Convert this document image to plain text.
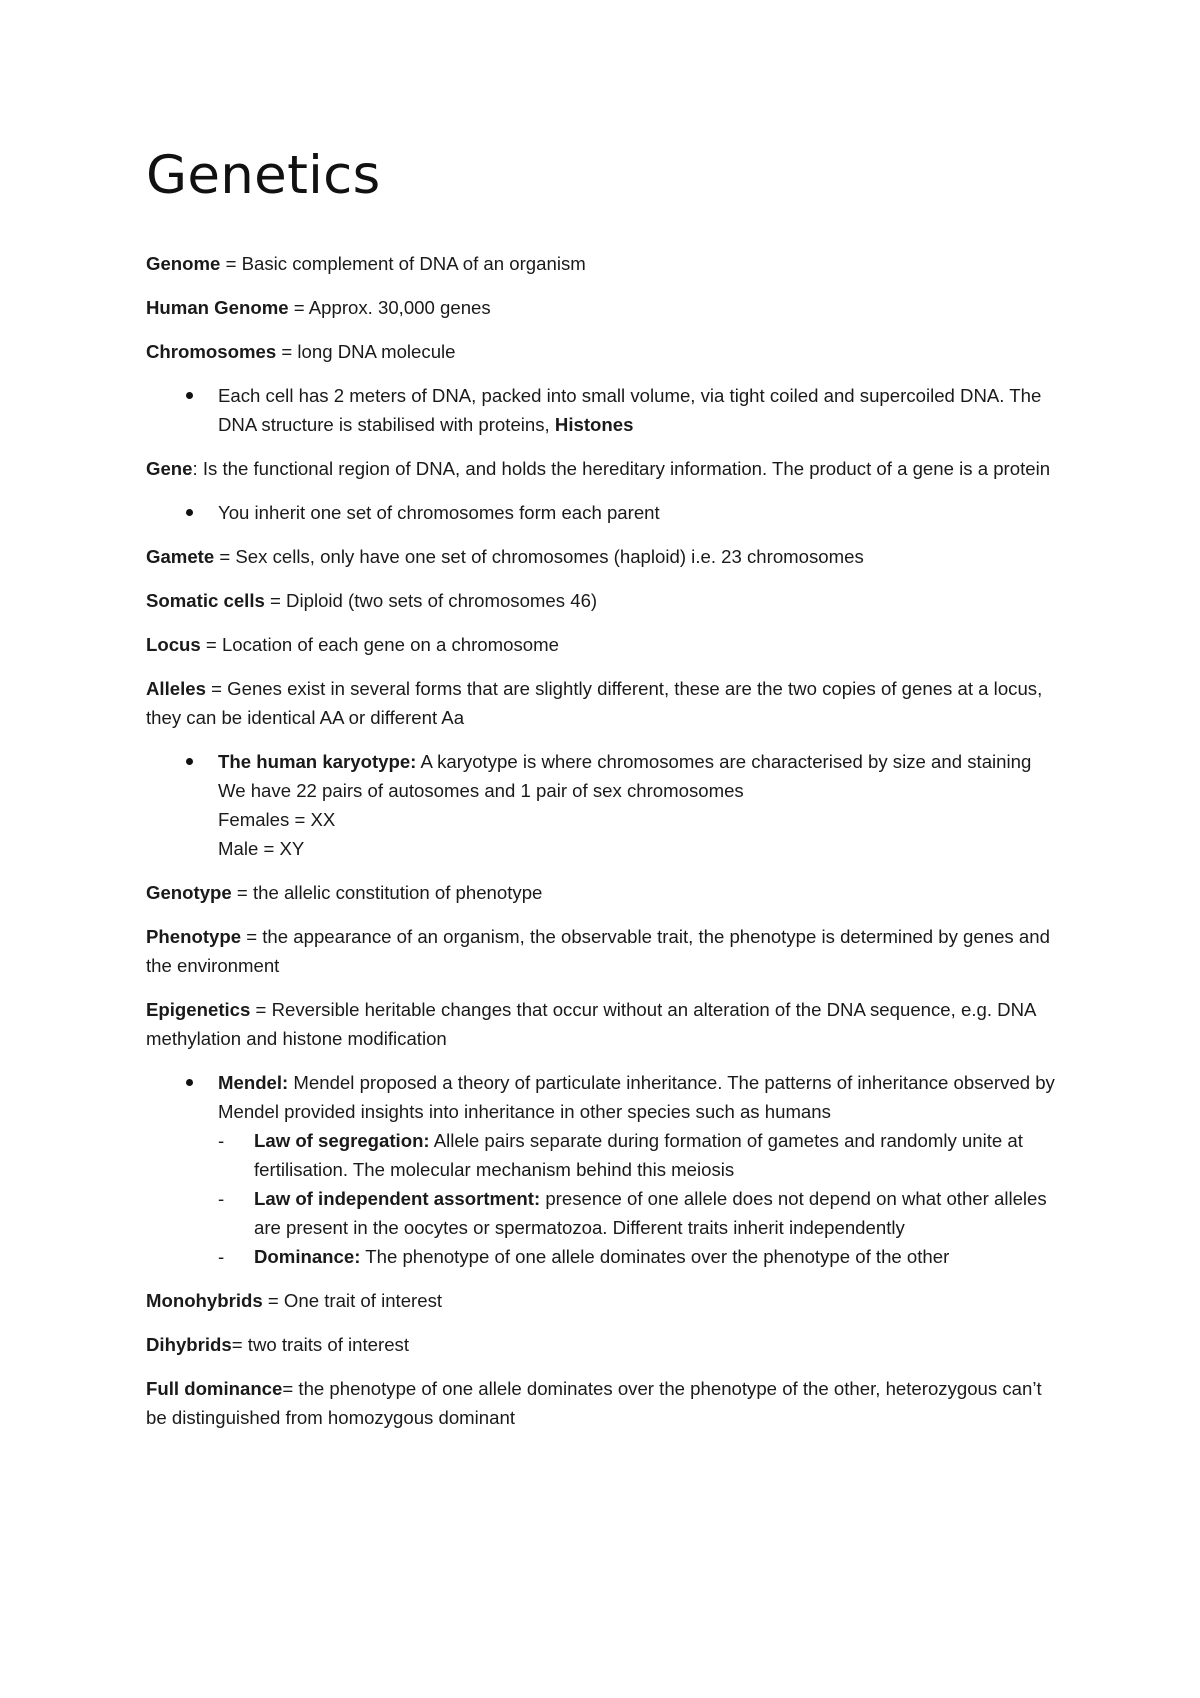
Genetics

Genome = Basic complement of DNA of an organism

Human Genome = Approx. 30,000 genes

Chromosomes = long DNA molecule

Each cell has 2 meters of DNA, packed into small volume, via tight coiled and supercoiled DNA. The DNA structure is stabilised with proteins, Histones

Gene: Is the functional region of DNA, and holds the hereditary information. The product of a gene is a protein

You inherit one set of chromosomes form each parent

Gamete = Sex cells, only have one set of chromosomes (haploid) i.e. 23 chromosomes

Somatic cells = Diploid (two sets of chromosomes 46)

Locus = Location of each gene on a chromosome

Alleles = Genes exist in several forms that are slightly different, these are the two copies of genes at a locus, they can be identical AA or different Aa

The human karyotype: A karyotype is where chromosomes are characterised by size and staining
We have 22 pairs of autosomes and 1 pair of sex chromosomes
Females = XX
Male = XY

Genotype = the allelic constitution of phenotype

Phenotype = the appearance of an organism, the observable trait, the phenotype is determined by genes and the environment

Epigenetics = Reversible heritable changes that occur without an alteration of the DNA sequence, e.g. DNA methylation and histone modification

Mendel: Mendel proposed a theory of particulate inheritance. The patterns of inheritance observed by Mendel provided insights into inheritance in other species such as humans
- Law of segregation: Allele pairs separate during formation of gametes and randomly unite at fertilisation. The molecular mechanism behind this meiosis
- Law of independent assortment: presence of one allele does not depend on what other alleles are present in the oocytes or spermatozoa. Different traits inherit independently
- Dominance: The phenotype of one allele dominates over the phenotype of the other

Monohybrids = One trait of interest

Dihybrids= two traits of interest

Full dominance= the phenotype of one allele dominates over the phenotype of the other, heterozygous can’t be distinguished from homozygous dominant
